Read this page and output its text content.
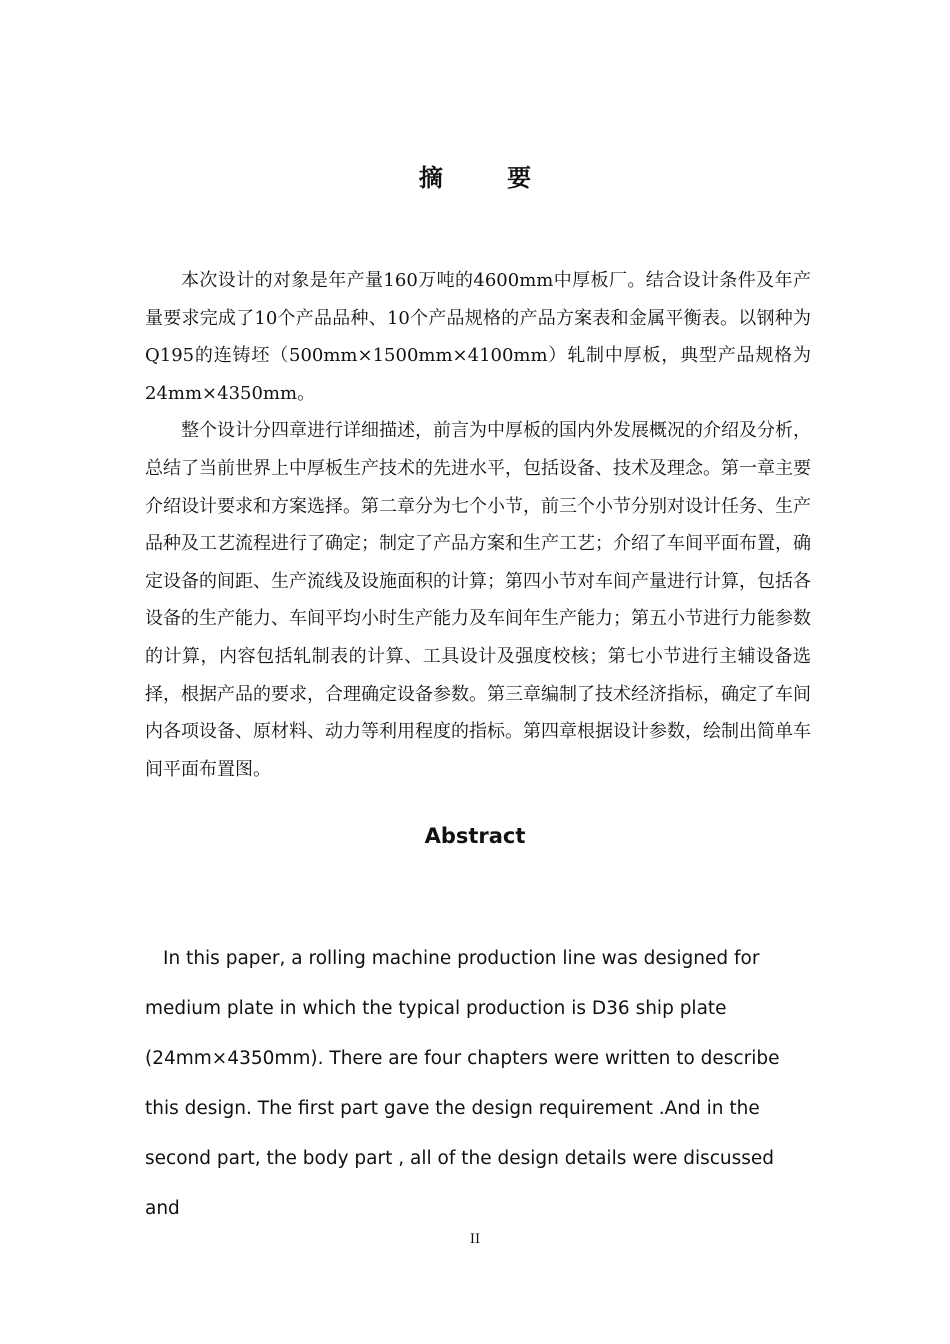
摘 要

本次设计的对象是年产量160万吨的4600mm中厚板厂。结合设计条件及年产量要求完成了10个产品品种、10个产品规格的产品方案表和金属平衡表。以钢种为Q195的连铸坯（500mm×1500mm×4100mm）轧制中厚板，典型产品规格为24mm×4350mm。

整个设计分四章进行详细描述，前言为中厚板的国内外发展概况的介绍及分析，总结了当前世界上中厚板生产技术的先进水平，包括设备、技术及理念。第一章主要介绍设计要求和方案选择。第二章分为七个小节，前三个小节分别对设计任务、生产品种及工艺流程进行了确定；制定了产品方案和生产工艺；介绍了车间平面布置，确定设备的间距、生产流线及设施面积的计算；第四小节对车间产量进行计算，包括各设备的生产能力、车间平均小时生产能力及车间年生产能力；第五小节进行力能参数的计算，内容包括轧制表的计算、工具设计及强度校核；第七小节进行主辅设备选择，根据产品的要求，合理确定设备参数。第三章编制了技术经济指标，确定了车间内各项设备、原材料、动力等利用程度的指标。第四章根据设计参数，绘制出简单车间平面布置图。

Abstract

In this paper, a rolling machine production line was designed for medium plate in which the typical production is D36 ship plate (24mm×4350mm). There are four chapters were written to describe this design. The first part gave the design requirement .And in the second part, the body part , all of the design details were discussed and

II
